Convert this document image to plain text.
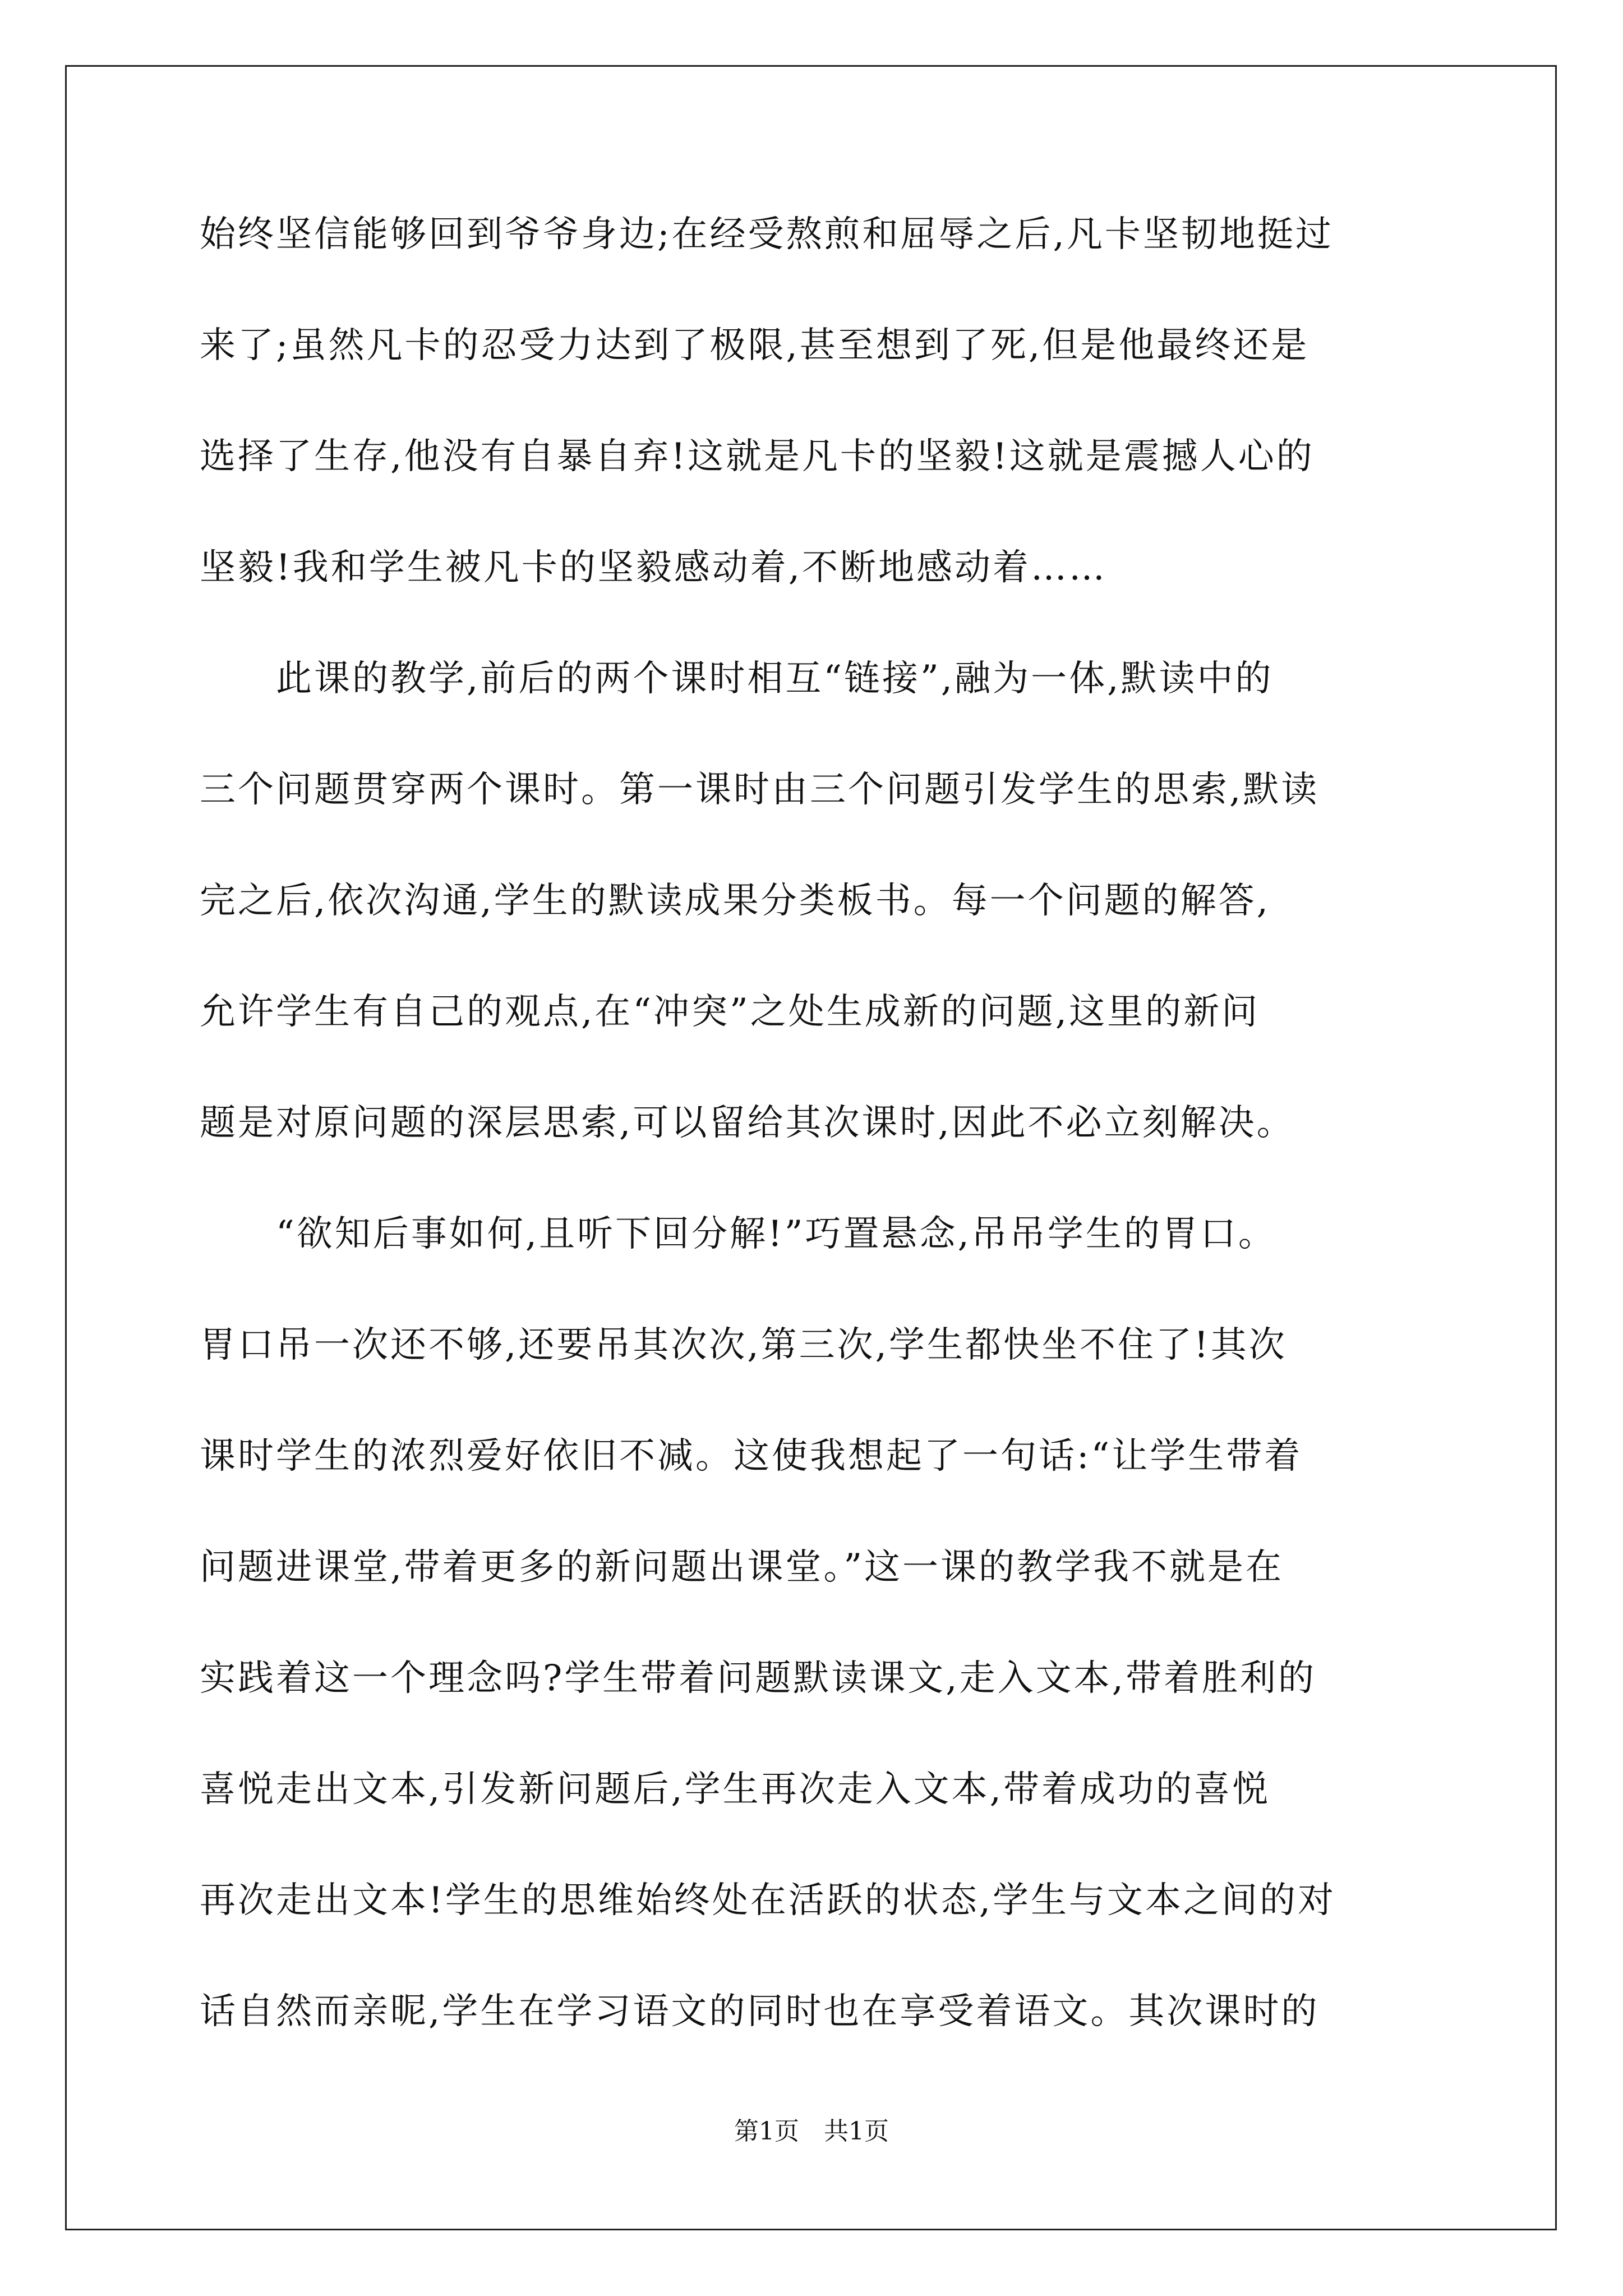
始终坚信能够回到爷爷身边;在经受熬煎和屈辱之后,凡卡坚韧地挺过
来了;虽然凡卡的忍受力达到了极限,甚至想到了死,但是他最终还是
选择了生存,他没有自暴自弃!这就是凡卡的坚毅!这就是震撼人心的
坚毅!我和学生被凡卡的坚毅感动着,不断地感动着……
　　此课的教学,前后的两个课时相互“链接”,融为一体,默读中的
三个问题贯穿两个课时。第一课时由三个问题引发学生的思索,默读
完之后,依次沟通,学生的默读成果分类板书。每一个问题的解答,
允许学生有自己的观点,在“冲突”之处生成新的问题,这里的新问
题是对原问题的深层思索,可以留给其次课时,因此不必立刻解决。
　　“欲知后事如何,且听下回分解!”巧置悬念,吊吊学生的胃口。
胃口吊一次还不够,还要吊其次次,第三次,学生都快坐不住了!其次
课时学生的浓烈爱好依旧不减。这使我想起了一句话:“让学生带着
问题进课堂,带着更多的新问题出课堂。”这一课的教学我不就是在
实践着这一个理念吗?学生带着问题默读课文,走入文本,带着胜利的
喜悦走出文本,引发新问题后,学生再次走入文本,带着成功的喜悦
再次走出文本!学生的思维始终处在活跃的状态,学生与文本之间的对
话自然而亲昵,学生在学习语文的同时也在享受着语文。其次课时的
第1页　共1页
